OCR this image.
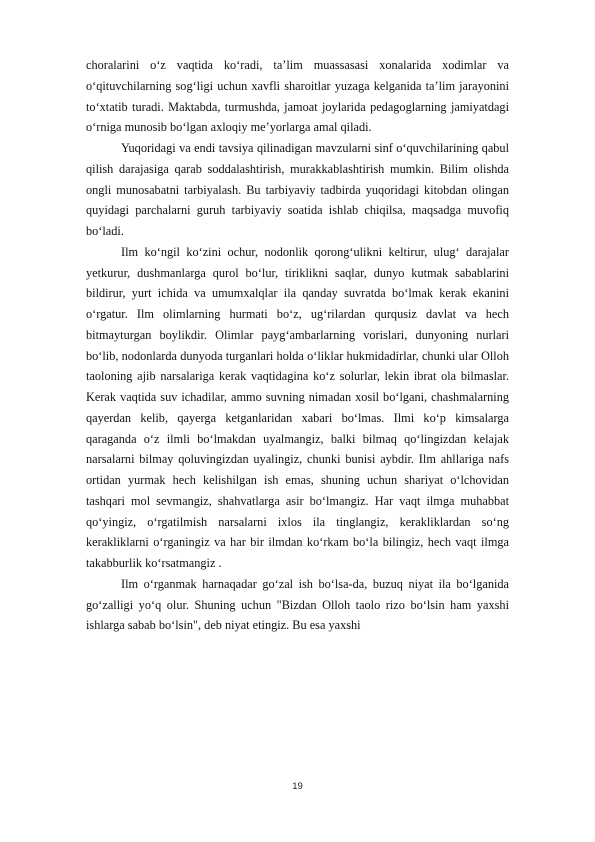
choralarini o‘z vaqtida ko‘radi, ta’lim muassasasi xonalarida xodimlar va o‘qituvchilarning sog‘ligi uchun xavfli sharoitlar yuzaga kelganida ta’lim jarayonini to‘xtatib turadi. Maktabda, turmushda, jamoat joylarida pedagoglarning jamiyatdagi o‘rniga munosib bo‘lgan axloqiy me’yorlarga amal qiladi.

Yuqoridagi va endi tavsiya qilinadigan mavzularni sinf o‘quvchilarining qabul qilish darajasiga qarab soddalashtirish, murakkablashtirish mumkin. Bilim olishda ongli munosabatni tarbiyalash. Bu tarbiyaviy tadbirda yuqoridagi kitobdan olingan quyidagi parchalarni guruh tarbiyaviy soatida ishlab chiqilsa, maqsadga muvofiq bo‘ladi.

Ilm ko‘ngil ko‘zini ochur, nodonlik qorong‘ulikni keltirur, ulug‘ darajalar yetkurur, dushmanlarga qurol bo‘lur, tiriklikni saqlar, dunyo kutmak sabablarini bildirur, yurt ichida va umumxalqlar ila qanday suvratda bo‘lmak kerak ekanini o‘rgatur. Ilm olimlarning hurmati bo‘z, ug‘rilardan qurqusiz davlat va hech bitmayturgan boylikdir. Olimlar payg‘ambarlarning vorislari, dunyoning nurlari bo‘lib, nodonlarda dunyoda turganlari holda o‘liklar hukmidadirlar, chunki ular Olloh taoloning ajib narsalariga kerak vaqtidagina ko‘z solurlar, lekin ibrat ola bilmaslar. Kerak vaqtida suv ichadilar, ammo suvning nimadan xosil bo‘lgani, chashmalarning qayerdan kelib, qayerga ketganlaridan xabari bo‘lmas. Ilmi ko‘p kimsalarga qaraganda o‘z ilmli bo‘lmakdan uyalmangiz, balki bilmaq qo‘lingizdan kelajak narsalarni bilmay qoluvingizdan uyalingiz, chunki bunisi aybdir. Ilm ahllariga nafs ortidan yurmak hech kelishilgan ish emas, shuning uchun shariyat o‘lchovidan tashqari mol sevmangiz, shahvatlarga asir bo‘lmangiz. Har vaqt ilmga muhabbat qo‘yingiz, o‘rgatilmish narsalarni ixlos ila tinglangiz, kerakliklardan so‘ng kerakliklarni o‘rganingiz va har bir ilmdan ko‘rkam bo‘la bilingiz, hech vaqt ilmga takabburlik ko‘rsatmangiz .

Ilm o‘rganmak harnaqadar go‘zal ish bo‘lsa-da, buzuq niyat ila bo‘lganida go‘zalligi yo‘q olur. Shuning uchun "Bizdan Olloh taolo rizo bo‘lsin ham yaxshi ishlarga sabab bo‘lsin", deb niyat etingiz. Bu esa yaxshi

19
